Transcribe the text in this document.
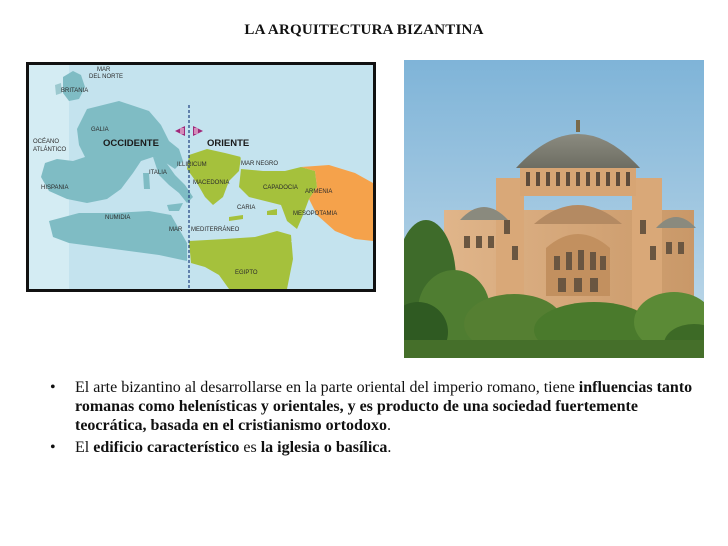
LA ARQUITECTURA BIZANTINA
MAR
DEL NORTE
BRITANIA
GALIA
OCÉANO
ATLÁNTICO
OCCIDENTE	ORIENTE
ITALIA
HISPANIA
ILLIRICUM	MAR NEGRO
MACEDONIA
CAPADOCIA
ARMENIA
CARIA
MESOPOTAMIA
NUMIDIA
MAR MEDITERRÁNEO
EGIPTO
• El arte bizantino al desarrollarse en la parte oriental del imperio romano, tiene influencias tanto romanas como helenísticas y orientales, y es producto de una sociedad fuertemente teocrática, basada en el cristianismo ortodoxo.
• El edificio característico es la iglesia o basílica.
